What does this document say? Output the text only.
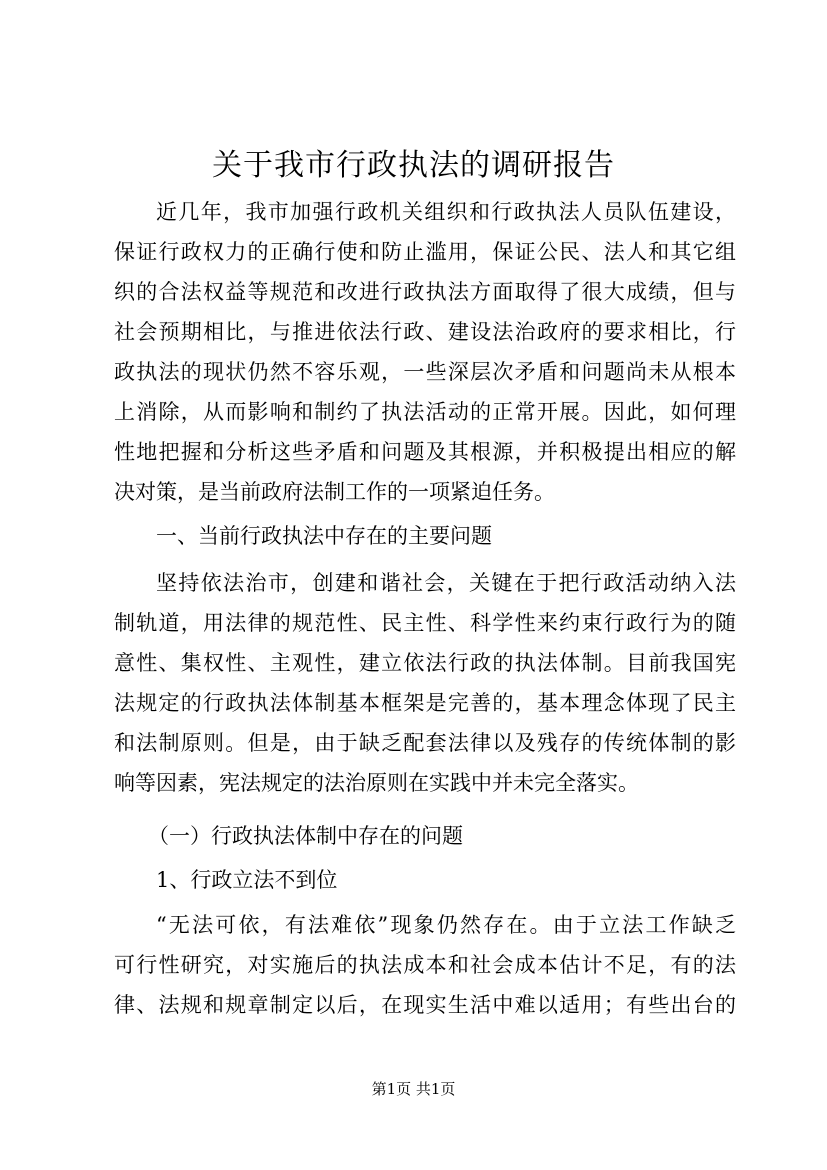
关于我市行政执法的调研报告
近几年，我市加强行政机关组织和行政执法人员队伍建设，
保证行政权力的正确行使和防止滥用，保证公民、法人和其它组
织的合法权益等规范和改进行政执法方面取得了很大成绩，但与
社会预期相比，与推进依法行政、建设法治政府的要求相比，行
政执法的现状仍然不容乐观，一些深层次矛盾和问题尚未从根本
上消除，从而影响和制约了执法活动的正常开展。因此，如何理
性地把握和分析这些矛盾和问题及其根源，并积极提出相应的解
决对策，是当前政府法制工作的一项紧迫任务。
一、当前行政执法中存在的主要问题
坚持依法治市，创建和谐社会，关键在于把行政活动纳入法
制轨道，用法律的规范性、民主性、科学性来约束行政行为的随
意性、集权性、主观性，建立依法行政的执法体制。目前我国宪
法规定的行政执法体制基本框架是完善的，基本理念体现了民主
和法制原则。但是，由于缺乏配套法律以及残存的传统体制的影
响等因素，宪法规定的法治原则在实践中并未完全落实。
（一）行政执法体制中存在的问题
1、行政立法不到位
“无法可依，有法难依”现象仍然存在。由于立法工作缺乏
可行性研究，对实施后的执法成本和社会成本估计不足，有的法
律、法规和规章制定以后，在现实生活中难以适用；有些出台的
第1页 共1页
